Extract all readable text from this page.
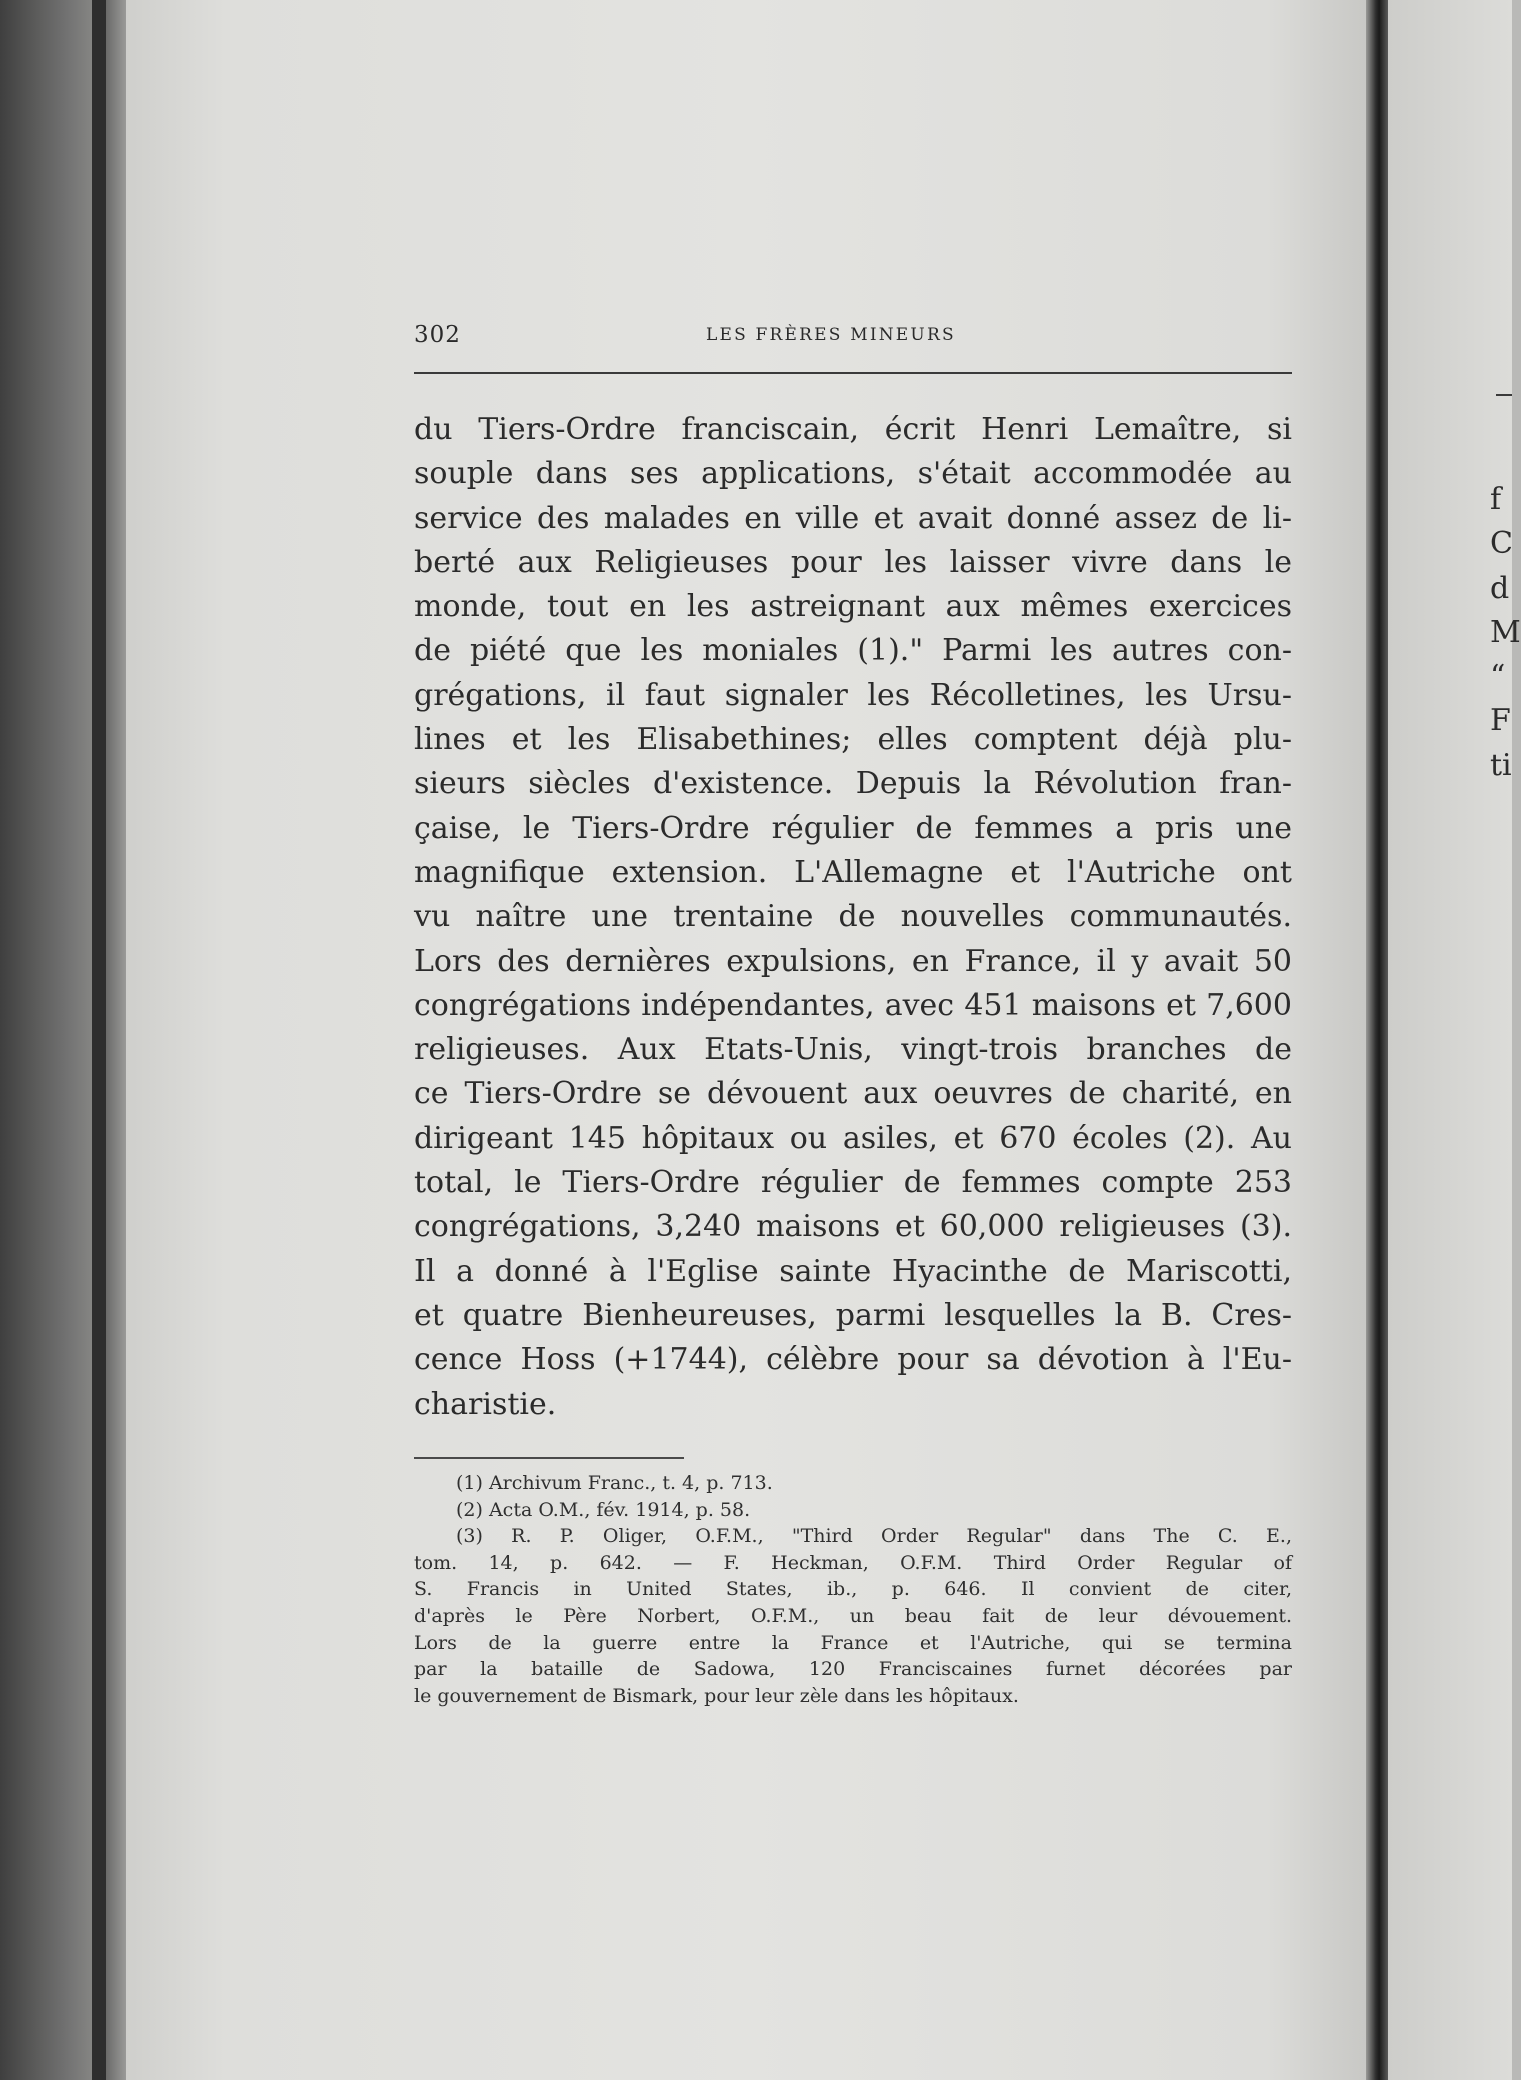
302	LES FRÈRES MINEURS
du Tiers-Ordre franciscain, écrit Henri Lemaître, si
souple dans ses applications, s'était accommodée au
service des malades en ville et avait donné assez de li-
berté aux Religieuses pour les laisser vivre dans le
monde, tout en les astreignant aux mêmes exercices
de piété que les moniales (1)." Parmi les autres con-
grégations, il faut signaler les Récolletines, les Ursu-
lines et les Elisabethines; elles comptent déjà plu-
sieurs siècles d'existence. Depuis la Révolution fran-
çaise, le Tiers-Ordre régulier de femmes a pris une
magnifique extension. L'Allemagne et l'Autriche ont
vu naître une trentaine de nouvelles communautés.
Lors des dernières expulsions, en France, il y avait 50
congrégations indépendantes, avec 451 maisons et 7,600
religieuses. Aux Etats-Unis, vingt-trois branches de
ce Tiers-Ordre se dévouent aux oeuvres de charité, en
dirigeant 145 hôpitaux ou asiles, et 670 écoles (2). Au
total, le Tiers-Ordre régulier de femmes compte 253
congrégations, 3,240 maisons et 60,000 religieuses (3).
Il a donné à l'Eglise sainte Hyacinthe de Mariscotti,
et quatre Bienheureuses, parmi lesquelles la B. Cres-
cence Hoss (+1744), célèbre pour sa dévotion à l'Eu-
charistie.
(1) Archivum Franc., t. 4, p. 713.
(2) Acta O.M., fév. 1914, p. 58.
(3) R. P. Oliger, O.F.M., "Third Order Regular" dans The C. E.,
tom. 14, p. 642. — F. Heckman, O.F.M. Third Order Regular of
S. Francis in United States, ib., p. 646. Il convient de citer,
d'après le Père Norbert, O.F.M., un beau fait de leur dévouement.
Lors de la guerre entre la France et l'Autriche, qui se termina
par la bataille de Sadowa, 120 Franciscaines furnet décorées par
le gouvernement de Bismark, pour leur zèle dans les hôpitaux.
f
C
d
M
“
F
ti
